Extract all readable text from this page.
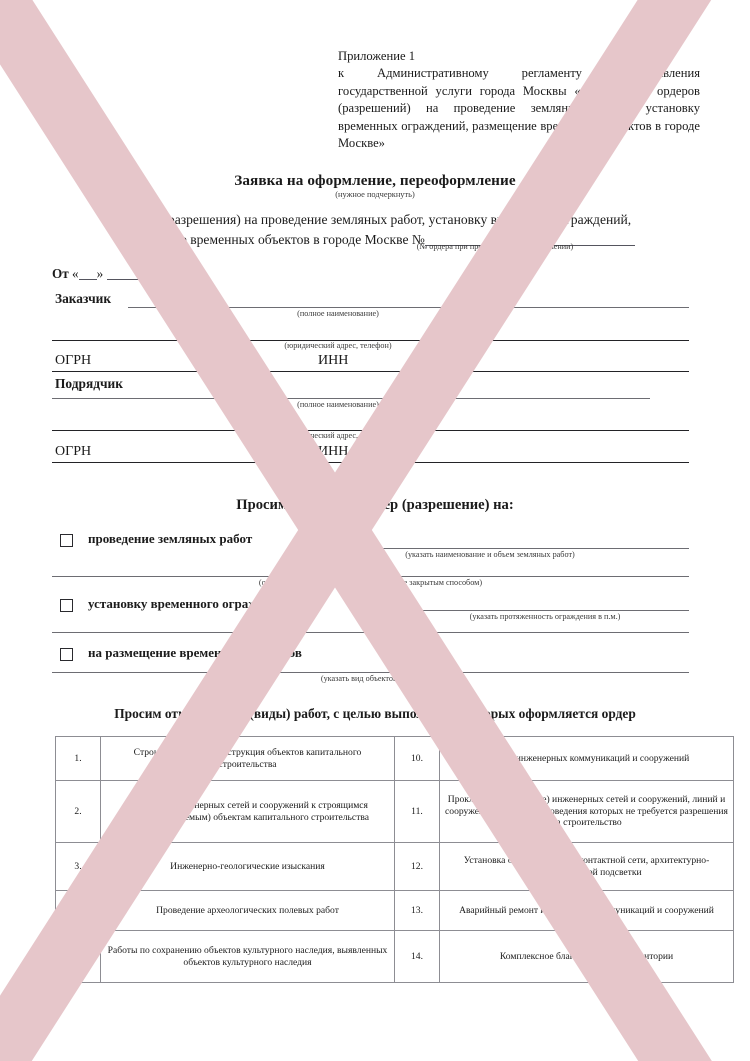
Приложение 1
к Административному регламенту предоставления государственной услуги города Москвы «Оформление ордеров (разрешений) на проведение земляных работ, установку временных ограждений, размещение временных объектов в городе Москве»
Заявка на оформление, переоформление
(нужное подчеркнуть)
ордера (разрешения) на проведение земляных работ, установку временных ограждений,
размещение временных объектов в городе Москве №
(№ ордера при продлении, переоформлении)
От « »	201 г.
Заказчик
(полное наименование)
(юридический адрес, телефон)
ОГРН	ИНН
Подрядчик
(полное наименование)
(юридический адрес, телефон)
ОГРН	ИНН
Просим оформить ордер (разрешение) на:
проведение земляных работ
(указать наименование и объем земляных работ)
(отдельно выделить работы, выполняемые закрытым способом)
установку временного ограждения
(указать протяженность ограждения в п.м.)
на размещение временных объектов
(указать вид объектов и объем)
Просим отметить вид (виды) работ, с целью выполнения которых оформляется ордер
1.	Строительство и реконструкция объектов капитального строительства	10.	Ремонт инженерных коммуникаций и сооружений
2.	Прокладка инженерных сетей и сооружений к строящимся (реконструируемым) объектам капитального строительства	11.	Прокладка (размещение) инженерных сетей и сооружений, линий и сооружений связи, для проведения которых не требуется разрешения на строительство
3.	Инженерно-геологические изыскания	12.	Установка опор освещения, контактной сети, архитектурно-художественной подсветки
4.	Проведение археологических полевых работ	13.	Аварийный ремонт инженерных коммуникаций и сооружений
5.	Работы по сохранению объектов культурного наследия, выявленных объектов культурного наследия	14.	Комплексное благоустройство территории
